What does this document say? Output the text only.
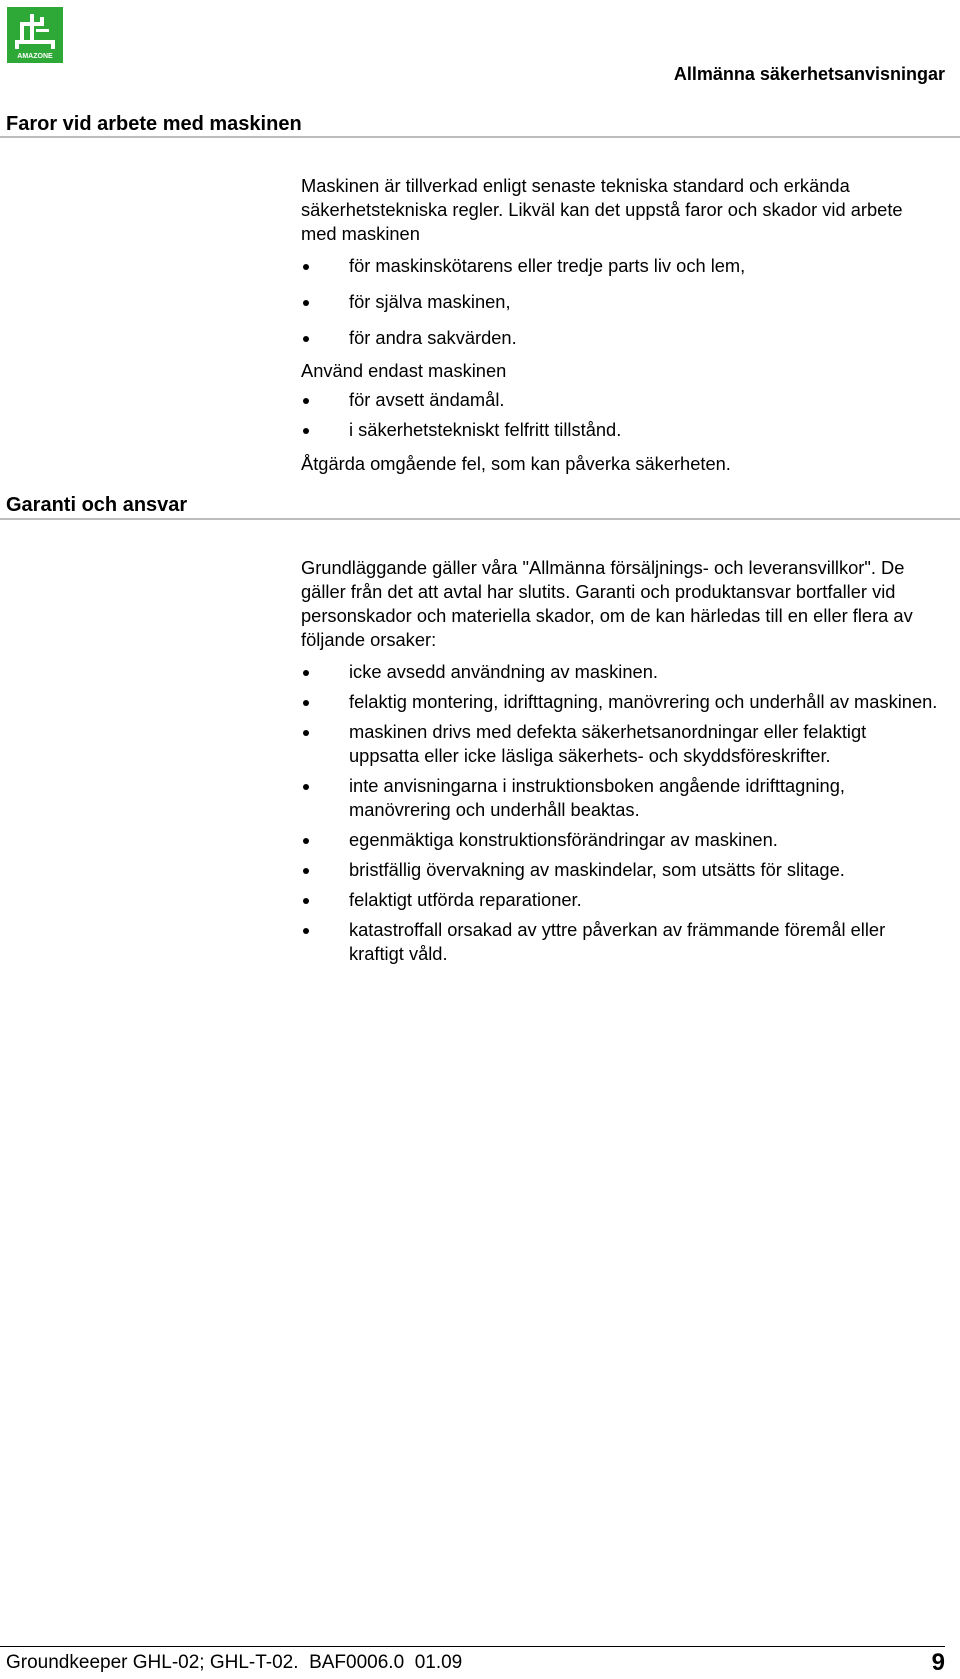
AMAZONE
Allmänna säkerhetsanvisningar
Faror vid arbete med maskinen

Maskinen är tillverkad enligt senaste tekniska standard och erkända säkerhetstekniska regler. Likväl kan det uppstå faror och skador vid arbete med maskinen

för maskinskötarens eller tredje parts liv och lem,
för själva maskinen,
för andra sakvärden.

Använd endast maskinen

för avsett ändamål.
i säkerhetstekniskt felfritt tillstånd.

Åtgärda omgående fel, som kan påverka säkerheten.

Garanti och ansvar

Grundläggande gäller våra "Allmänna försäljnings- och leveransvillkor". De gäller från det att avtal har slutits. Garanti och produktansvar bortfaller vid personskador och materiella skador, om de kan härledas till en eller flera av följande orsaker:

icke avsedd användning av maskinen.
felaktig montering, idrifttagning, manövrering och underhåll av maskinen.
maskinen drivs med defekta säkerhetsanordningar eller felaktigt uppsatta eller icke läsliga säkerhets- och skyddsföreskrifter.
inte anvisningarna i instruktionsboken angående idrifttagning, manövrering och underhåll beaktas.
egenmäktiga konstruktionsförändringar av maskinen.
bristfällig övervakning av maskindelar, som utsätts för slitage.
felaktigt utförda reparationer.
katastroffall orsakad av yttre påverkan av främmande föremål eller kraftigt våld.
Groundkeeper GHL-02; GHL-T-02.  BAF0006.0  01.09	9
